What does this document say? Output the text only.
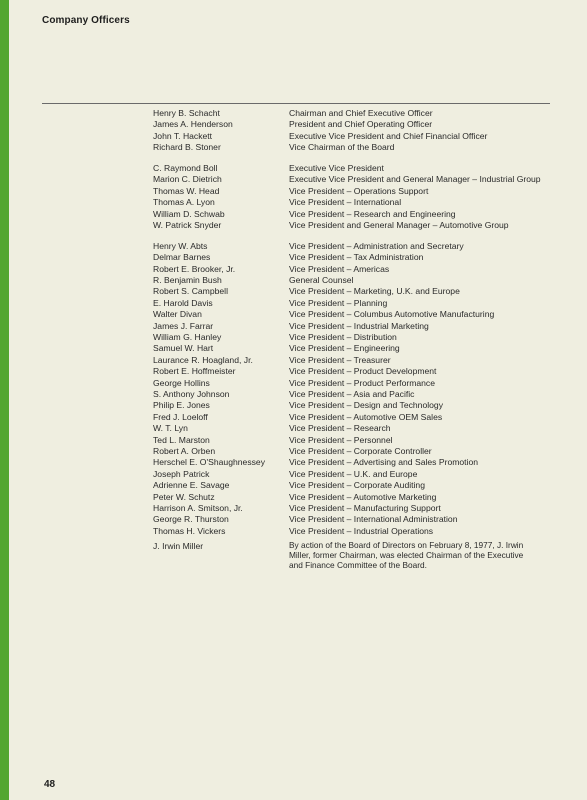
Company Officers
Henry B. Schacht	Chairman and Chief Executive Officer
James A. Henderson	President and Chief Operating Officer
John T. Hackett	Executive Vice President and Chief Financial Officer
Richard B. Stoner	Vice Chairman of the Board
C. Raymond Boll	Executive Vice President
Marion C. Dietrich	Executive Vice President and General Manager – Industrial Group
Thomas W. Head	Vice President – Operations Support
Thomas A. Lyon	Vice President – International
William D. Schwab	Vice President – Research and Engineering
W. Patrick Snyder	Vice President and General Manager – Automotive Group
Henry W. Abts	Vice President – Administration and Secretary
Delmar Barnes	Vice President – Tax Administration
Robert E. Brooker, Jr.	Vice President – Americas
R. Benjamin Bush	General Counsel
Robert S. Campbell	Vice President – Marketing, U.K. and Europe
E. Harold Davis	Vice President – Planning
Walter Divan	Vice President – Columbus Automotive Manufacturing
James J. Farrar	Vice President – Industrial Marketing
William G. Hanley	Vice President – Distribution
Samuel W. Hart	Vice President – Engineering
Laurance R. Hoagland, Jr.	Vice President – Treasurer
Robert E. Hoffmeister	Vice President – Product Development
George Hollins	Vice President – Product Performance
S. Anthony Johnson	Vice President – Asia and Pacific
Philip E. Jones	Vice President – Design and Technology
Fred J. Loeloff	Vice President – Automotive OEM Sales
W. T. Lyn	Vice President – Research
Ted L. Marston	Vice President – Personnel
Robert A. Orben	Vice President – Corporate Controller
Herschel E. O'Shaughnessey	Vice President – Advertising and Sales Promotion
Joseph Patrick	Vice President – U.K. and Europe
Adrienne E. Savage	Vice President – Corporate Auditing
Peter W. Schutz	Vice President – Automotive Marketing
Harrison A. Smitson, Jr.	Vice President – Manufacturing Support
George R. Thurston	Vice President – International Administration
Thomas H. Vickers	Vice President – Industrial Operations
J. Irwin Miller	By action of the Board of Directors on February 8, 1977, J. Irwin Miller, former Chairman, was elected Chairman of the Executive and Finance Committee of the Board.
48
